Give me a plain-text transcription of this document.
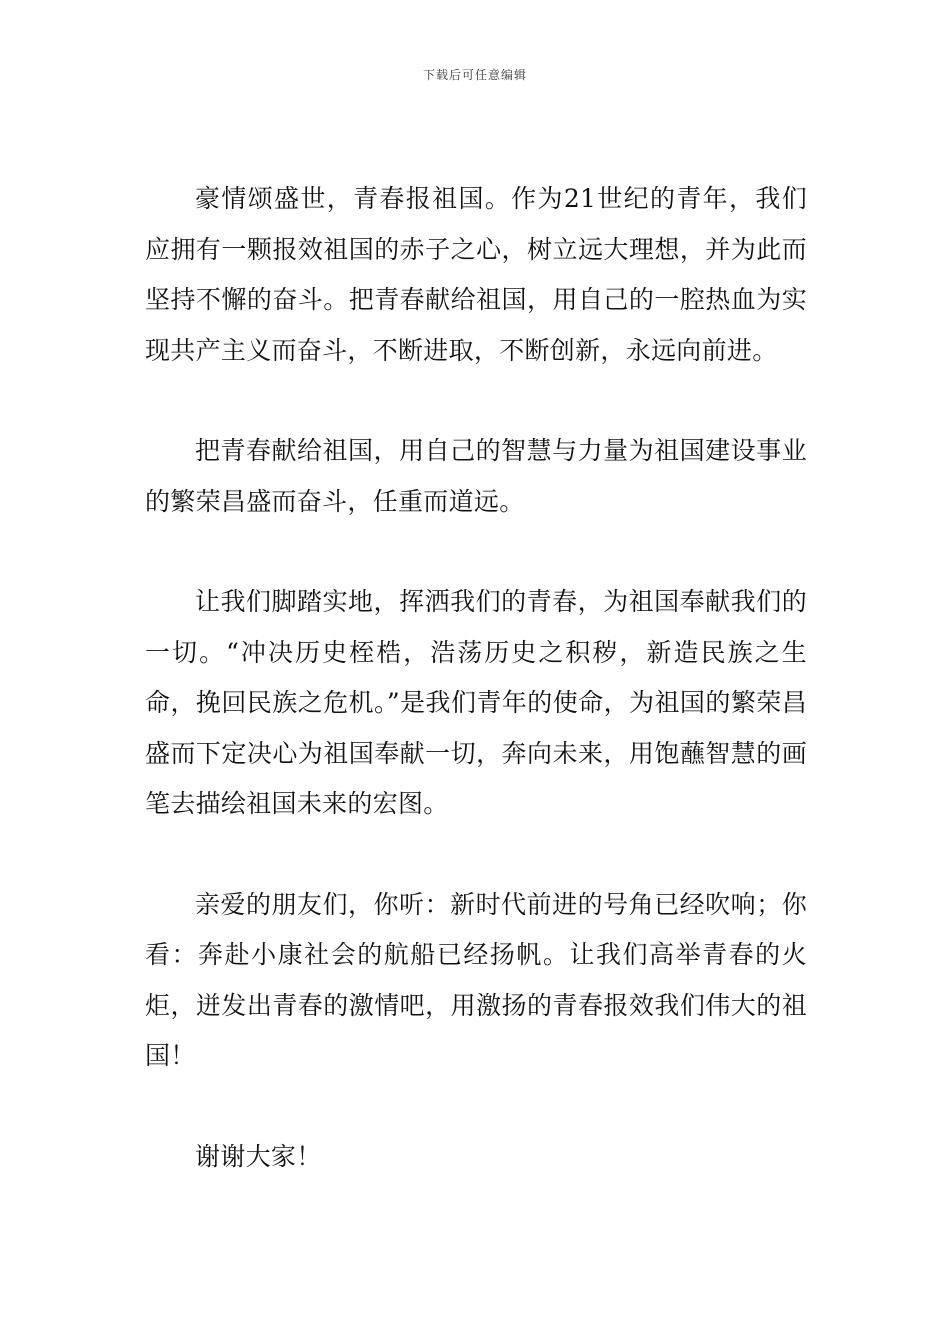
下载后可任意编辑

豪情颂盛世，青春报祖国。作为21世纪的青年，我们应拥有一颗报效祖国的赤子之心，树立远大理想，并为此而坚持不懈的奋斗。把青春献给祖国，用自己的一腔热血为实现共产主义而奋斗，不断进取，不断创新，永远向前进。

把青春献给祖国，用自己的智慧与力量为祖国建设事业的繁荣昌盛而奋斗，任重而道远。

让我们脚踏实地，挥洒我们的青春，为祖国奉献我们的一切。“冲决历史桎梏，浩荡历史之积秽，新造民族之生命，挽回民族之危机。”是我们青年的使命，为祖国的繁荣昌盛而下定决心为祖国奉献一切，奔向未来，用饱蘸智慧的画笔去描绘祖国未来的宏图。

亲爱的朋友们，你听：新时代前进的号角已经吹响；你看：奔赴小康社会的航船已经扬帆。让我们高举青春的火炬，迸发出青春的激情吧，用激扬的青春报效我们伟大的祖国！

谢谢大家！
